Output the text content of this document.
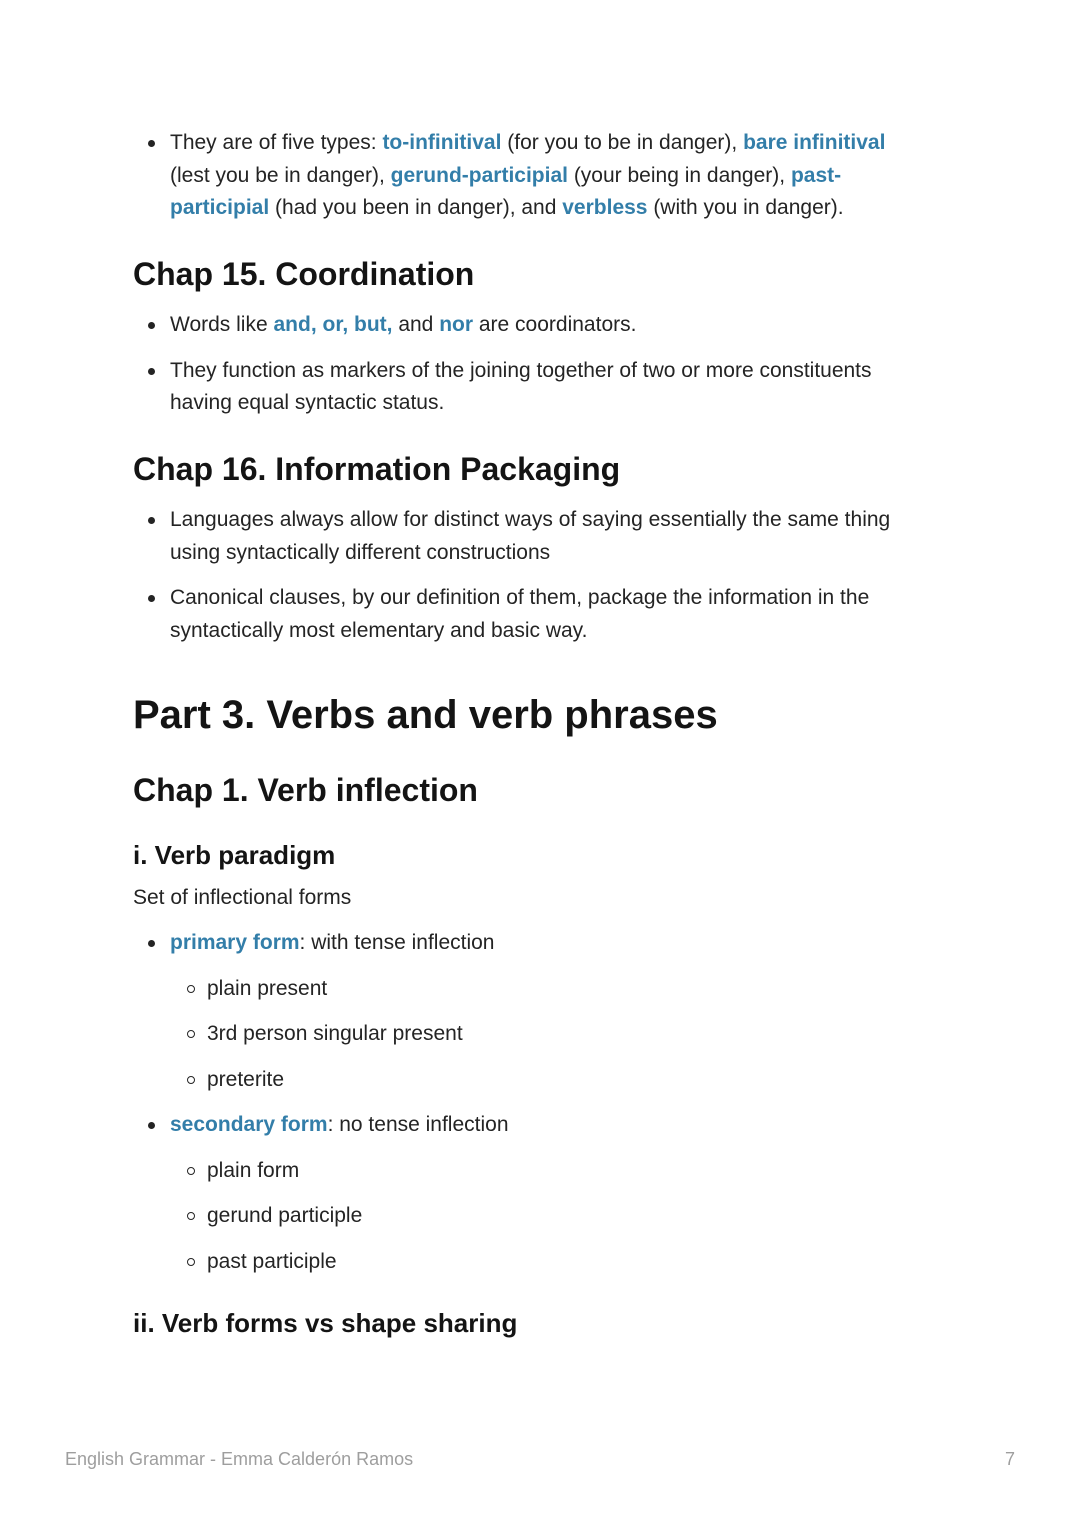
They are of five types: to-infinitival (for you to be in danger), bare infinitival (lest you be in danger), gerund-participial (your being in danger), past-participial (had you been in danger), and verbless (with you in danger).
Chap 15. Coordination
Words like and, or, but, and nor are coordinators.
They function as markers of the joining together of two or more constituents having equal syntactic status.
Chap 16. Information Packaging
Languages always allow for distinct ways of saying essentially the same thing using syntactically different constructions
Canonical clauses, by our definition of them, package the information in the syntactically most elementary and basic way.
Part 3. Verbs and verb phrases
Chap 1. Verb inflection
i. Verb paradigm

Set of inflectional forms

primary form: with tense inflection
plain present
3rd person singular present
preterite
secondary form: no tense inflection
plain form
gerund participle
past participle
ii. Verb forms vs shape sharing
English Grammar - Emma Calderón Ramos	7
